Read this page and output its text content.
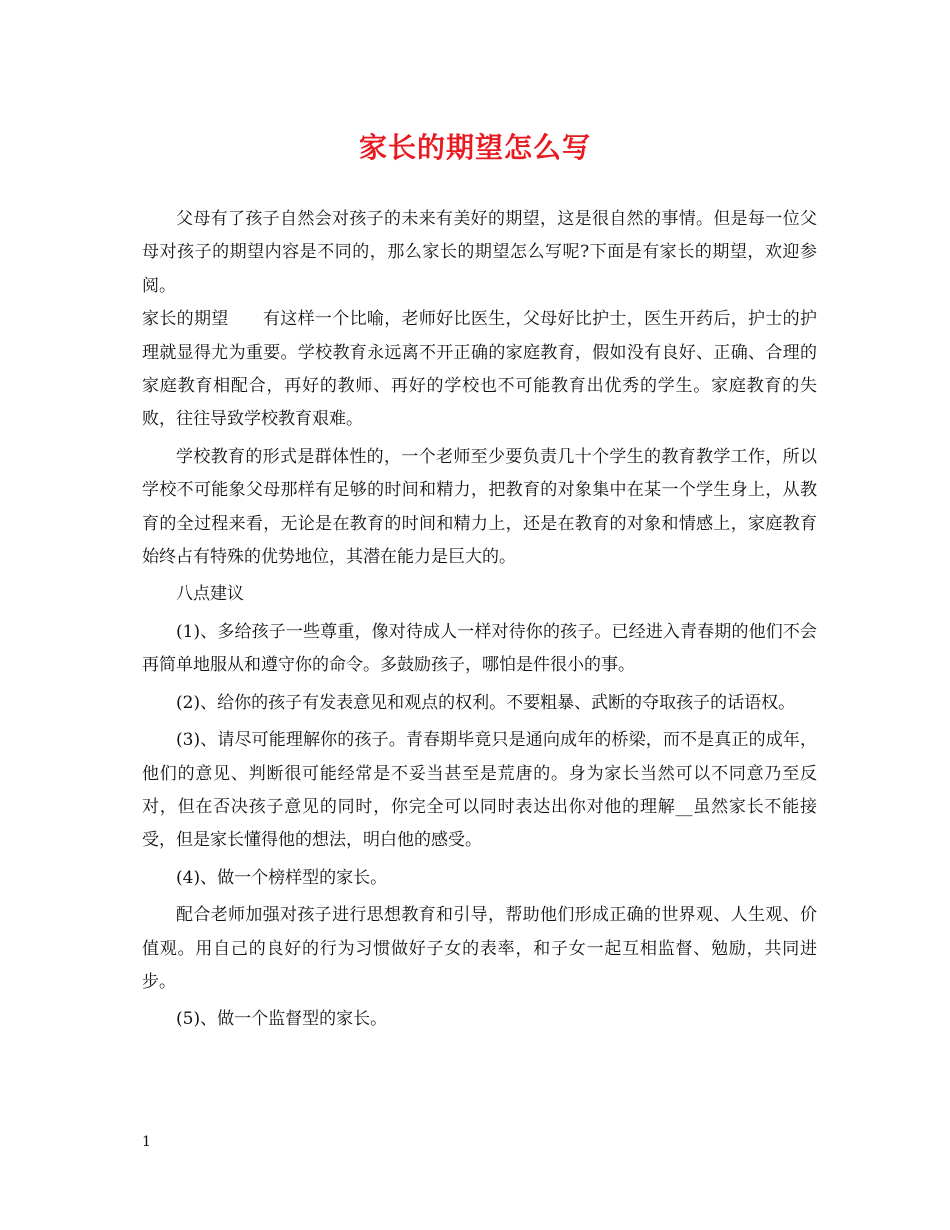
家长的期望怎么写

父母有了孩子自然会对孩子的未来有美好的期望，这是很自然的事情。但是每一位父母对孩子的期望内容是不同的，那么家长的期望怎么写呢?下面是有家长的期望，欢迎参阅。

家长的期望 有这样一个比喻，老师好比医生，父母好比护士，医生开药后，护士的护理就显得尤为重要。学校教育永远离不开正确的家庭教育，假如没有良好、正确、合理的家庭教育相配合，再好的教师、再好的学校也不可能教育出优秀的学生。家庭教育的失败，往往导致学校教育艰难。

学校教育的形式是群体性的，一个老师至少要负责几十个学生的教育教学工作，所以学校不可能象父母那样有足够的时间和精力，把教育的对象集中在某一个学生身上，从教育的全过程来看，无论是在教育的时间和精力上，还是在教育的对象和情感上，家庭教育始终占有特殊的优势地位，其潜在能力是巨大的。

八点建议

(1)、多给孩子一些尊重，像对待成人一样对待你的孩子。已经进入青春期的他们不会再简单地服从和遵守你的命令。多鼓励孩子，哪怕是件很小的事。

(2)、给你的孩子有发表意见和观点的权利。不要粗暴、武断的夺取孩子的话语权。

(3)、请尽可能理解你的孩子。青春期毕竟只是通向成年的桥梁，而不是真正的成年，他们的意见、判断很可能经常是不妥当甚至是荒唐的。身为家长当然可以不同意乃至反对，但在否决孩子意见的同时，你完全可以同时表达出你对他的理解__虽然家长不能接受，但是家长懂得他的想法，明白他的感受。

(4)、做一个榜样型的家长。

配合老师加强对孩子进行思想教育和引导，帮助他们形成正确的世界观、人生观、价值观。用自己的良好的行为习惯做好子女的表率，和子女一起互相监督、勉励，共同进步。

(5)、做一个监督型的家长。

1
